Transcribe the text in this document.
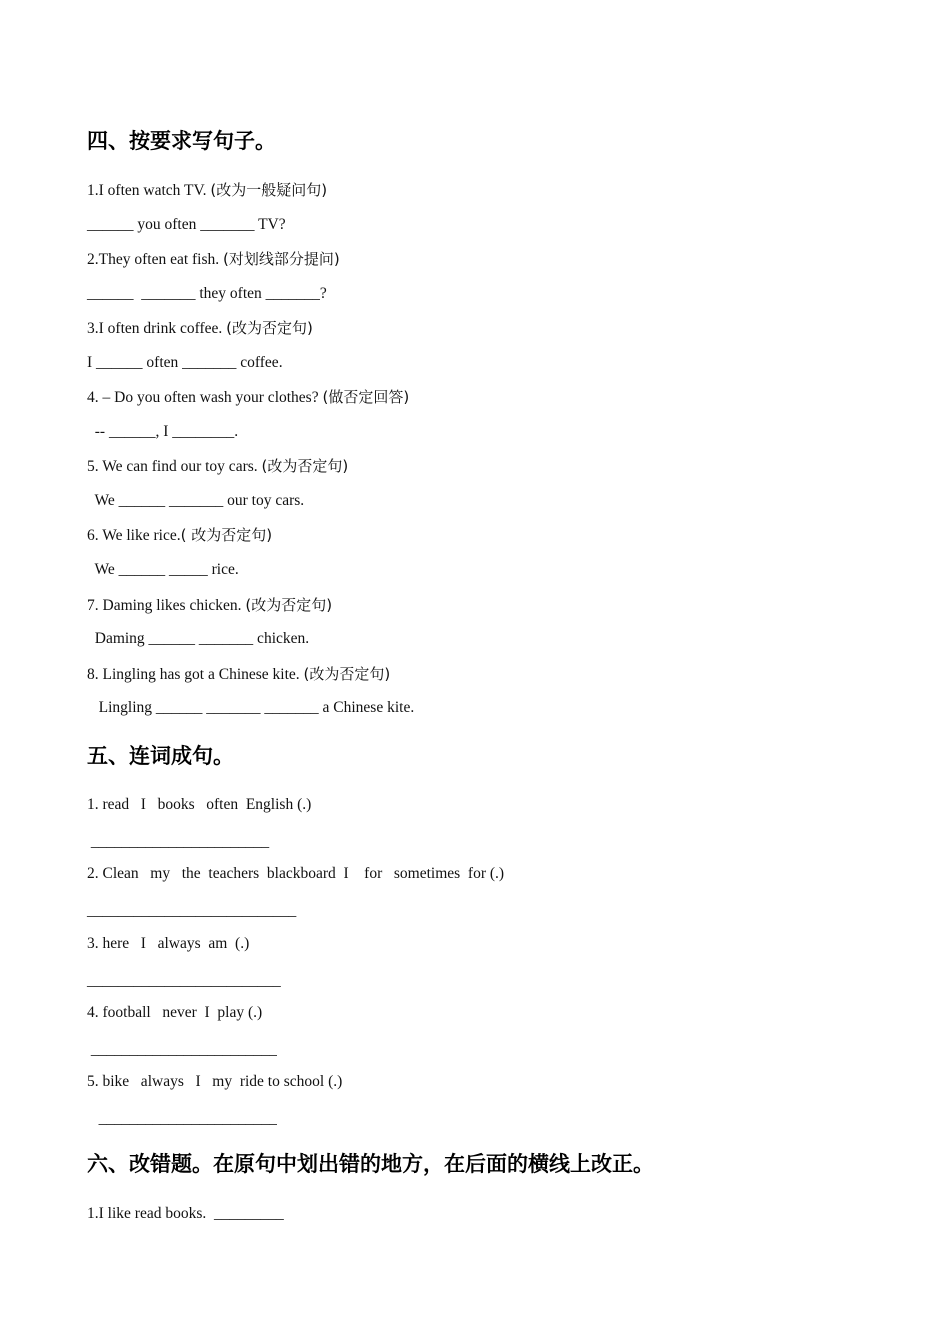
四、按要求写句子。
1.I often watch TV. (改为一般疑问句)
______ you often _______ TV?
2.They often eat fish. (对划线部分提问)
______  _______ they often _______?
3.I often drink coffee. (改为否定句)
I ______ often _______ coffee.
4. – Do you often wash your clothes? (做否定回答)
-- ______, I ________.
5. We can find our toy cars. (改为否定句)
We ______ _______ our toy cars.
6. We like rice.( 改为否定句)
We ______ _____ rice.
7. Daming likes chicken. (改为否定句)
Daming ______ _______ chicken.
8. Lingling has got a Chinese kite. (改为否定句)
Lingling ______ _______ _______ a Chinese kite.
五、连词成句。
1. read   I   books   often  English (.)
_______________________
2. Clean   my   the  teachers  blackboard  I    for   sometimes  for (.)
___________________________
3. here   I   always  am  (.)
_________________________
4. football   never  I  play (.)
________________________
5. bike   always   I   my  ride to school (.)
_______________________
六、改错题。在原句中划出错的地方，在后面的横线上改正。
1.I like read books.  _________
